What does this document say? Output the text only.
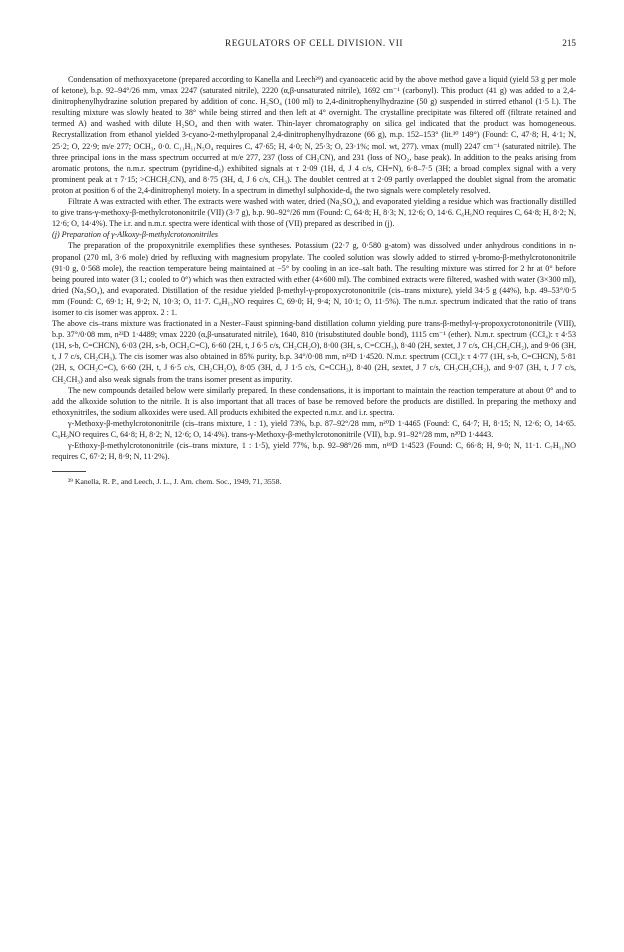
REGULATORS OF CELL DIVISION. VII	215

Condensation of methoxyacetone (prepared according to Kanella and Leech²⁹) and cyanoacetic acid by the above method gave a liquid (yield 53 g per mole of ketone), b.p. 92–94°/26 mm, νmax 2247 (saturated nitrile), 2220 (α,β-unsaturated nitrile), 1692 cm⁻¹ (carbonyl). This product (41 g) was added to a 2,4-dinitrophenylhydrazine solution prepared by addition of conc. H₂SO₄ (100 ml) to 2,4-dinitrophenylhydrazine (50 g) suspended in stirred ethanol (1·5 l.). The resulting mixture was slowly heated to 38° while being stirred and then left at 4° overnight. The crystalline precipitate was filtered off (filtrate retained and termed A) and washed with dilute H₂SO₄ and then with water. Thin-layer chromatography on silica gel indicated that the product was homogeneous. Recrystallization from ethanol yielded 3-cyano-2-methylpropanal 2,4-dinitrophenylhydrazone (66 g), m.p. 152–153° (lit.³⁰ 149°) (Found: C, 47·8; H, 4·1; N, 25·2; O, 22·9; m/e 277; OCH₃, 0·0. C₁₁H₁₁N₅O₄ requires C, 47·65; H, 4·0; N, 25·3; O, 23·1%; mol. wt, 277). νmax (mull) 2247 cm⁻¹ (saturated nitrile). The three principal ions in the mass spectrum occurred at m/e 277, 237 (loss of CH₂CN), and 231 (loss of NO₂, base peak). In addition to the peaks arising from aromatic protons, the n.m.r. spectrum (pyridine-d₅) exhibited signals at τ 2·09 (1H, d, J 4 c/s, CH=N), 6·8–7·5 (3H; a broad complex signal with a very prominent peak at τ 7·15; >CHCH₂CN), and 8·75 (3H, d, J 6 c/s, CH₃). The doublet centred at τ 2·09 partly overlapped the doublet signal from the aromatic proton at position 6 of the 2,4-dinitrophenyl moiety. In a spectrum in dimethyl sulphoxide-d₆ the two signals were completely resolved.

Filtrate A was extracted with ether. The extracts were washed with water, dried (Na₂SO₄), and evaporated yielding a residue which was fractionally distilled to give trans-γ-methoxy-β-methylcrotononitrile (VII) (3·7 g), b.p. 90–92°/26 mm (Found: C, 64·8; H, 8·3; N, 12·6; O, 14·6. C₆H₉NO requires C, 64·8; H, 8·2; N, 12·6; O, 14·4%). The i.r. and n.m.r. spectra were identical with those of (VII) prepared as described in (j).

(j) Preparation of γ-Alkoxy-β-methylcrotononitriles

The preparation of the propoxynitrile exemplifies these syntheses. Potassium (22·7 g, 0·580 g-atom) was dissolved under anhydrous conditions in n-propanol (270 ml, 3·6 mole) dried by refluxing with magnesium propylate. The cooled solution was slowly added to stirred γ-bromo-β-methylcrotononitrile (91·0 g, 0·568 mole), the reaction temperature being maintained at −5° by cooling in an ice–salt bath. The resulting mixture was stirred for 2 hr at 0° before being poured into water (3 l.; cooled to 0°) which was then extracted with ether (4×600 ml). The combined extracts were filtered, washed with water (3×300 ml), dried (Na₂SO₄), and evaporated. Distillation of the residue yielded β-methyl-γ-propoxycrotononitrile (cis–trans mixture), yield 34·5 g (44%), b.p. 49–53°/0·5 mm (Found: C, 69·1; H, 9·2; N, 10·3; O, 11·7. C₈H₁₃NO requires C, 69·0; H, 9·4; N, 10·1; O, 11·5%). The n.m.r. spectrum indicated that the ratio of trans isomer to cis isomer was approx. 2 : 1.

The above cis–trans mixture was fractionated in a Nester–Faust spinning-band distillation column yielding pure trans-β-methyl-γ-propoxycrotononitrile (VIII), b.p. 37°/0·08 mm, n²³D 1·4489; νmax 2220 (α,β-unsaturated nitrile), 1640, 810 (trisubstituted double bond), 1115 cm⁻¹ (ether). N.m.r. spectrum (CCl₄): τ 4·53 (1H, s-b, C=CHCN), 6·03 (2H, s-b, OCH₂C=C), 6·60 (2H, t, J 6·5 c/s, CH₂CH₂O), 8·00 (3H, s, C=CCH₃), 8·40 (2H, sextet, J 7 c/s, CH₃CH₂CH₂), and 9·06 (3H, t, J 7 c/s, CH₂CH₃). The cis isomer was also obtained in 85% purity, b.p. 34°/0·08 mm, n²³D 1·4520. N.m.r. spectrum (CCl₄): τ 4·77 (1H, s-b, C=CHCN), 5·81 (2H, s, OCH₂C=C), 6·60 (2H, t, J 6·5 c/s, CH₂CH₂O), 8·05 (3H, d, J 1·5 c/s, C=CCH₃), 8·40 (2H, sextet, J 7 c/s, CH₃CH₂CH₂), and 9·07 (3H, t, J 7 c/s, CH₂CH₃) and also weak signals from the trans isomer present as impurity.

The new compounds detailed below were similarly prepared. In these condensations, it is important to maintain the reaction temperature at about 0° and to add the alkoxide solution to the nitrile. It is also important that all traces of base be removed before the products are distilled. In preparing the methoxy and ethoxynitriles, the sodium alkoxides were used. All products exhibited the expected n.m.r. and i.r. spectra.

γ-Methoxy-β-methylcrotononitrile (cis–trans mixture, 1 : 1), yield 73%, b.p. 87–92°/28 mm, n²⁰D 1·4465 (Found: C, 64·7; H, 8·15; N, 12·6; O, 14·65. C₆H₉NO requires C, 64·8; H, 8·2; N, 12·6; O, 14·4%). trans-γ-Methoxy-β-methylcrotononitrile (VII), b.p. 91–92°/28 mm, n²⁰D 1·4443.

γ-Ethoxy-β-methylcrotononitrile (cis–trans mixture, 1 : 1·5), yield 77%, b.p. 92–98°/26 mm, n¹⁹D 1·4523 (Found: C, 66·8; H, 9·0; N, 11·1. C₇H₁₁NO requires C, 67·2; H, 8·9; N, 11·2%).

²⁹ Kanella, R. P., and Leech, J. L., J. Am. chem. Soc., 1949, 71, 3558.
